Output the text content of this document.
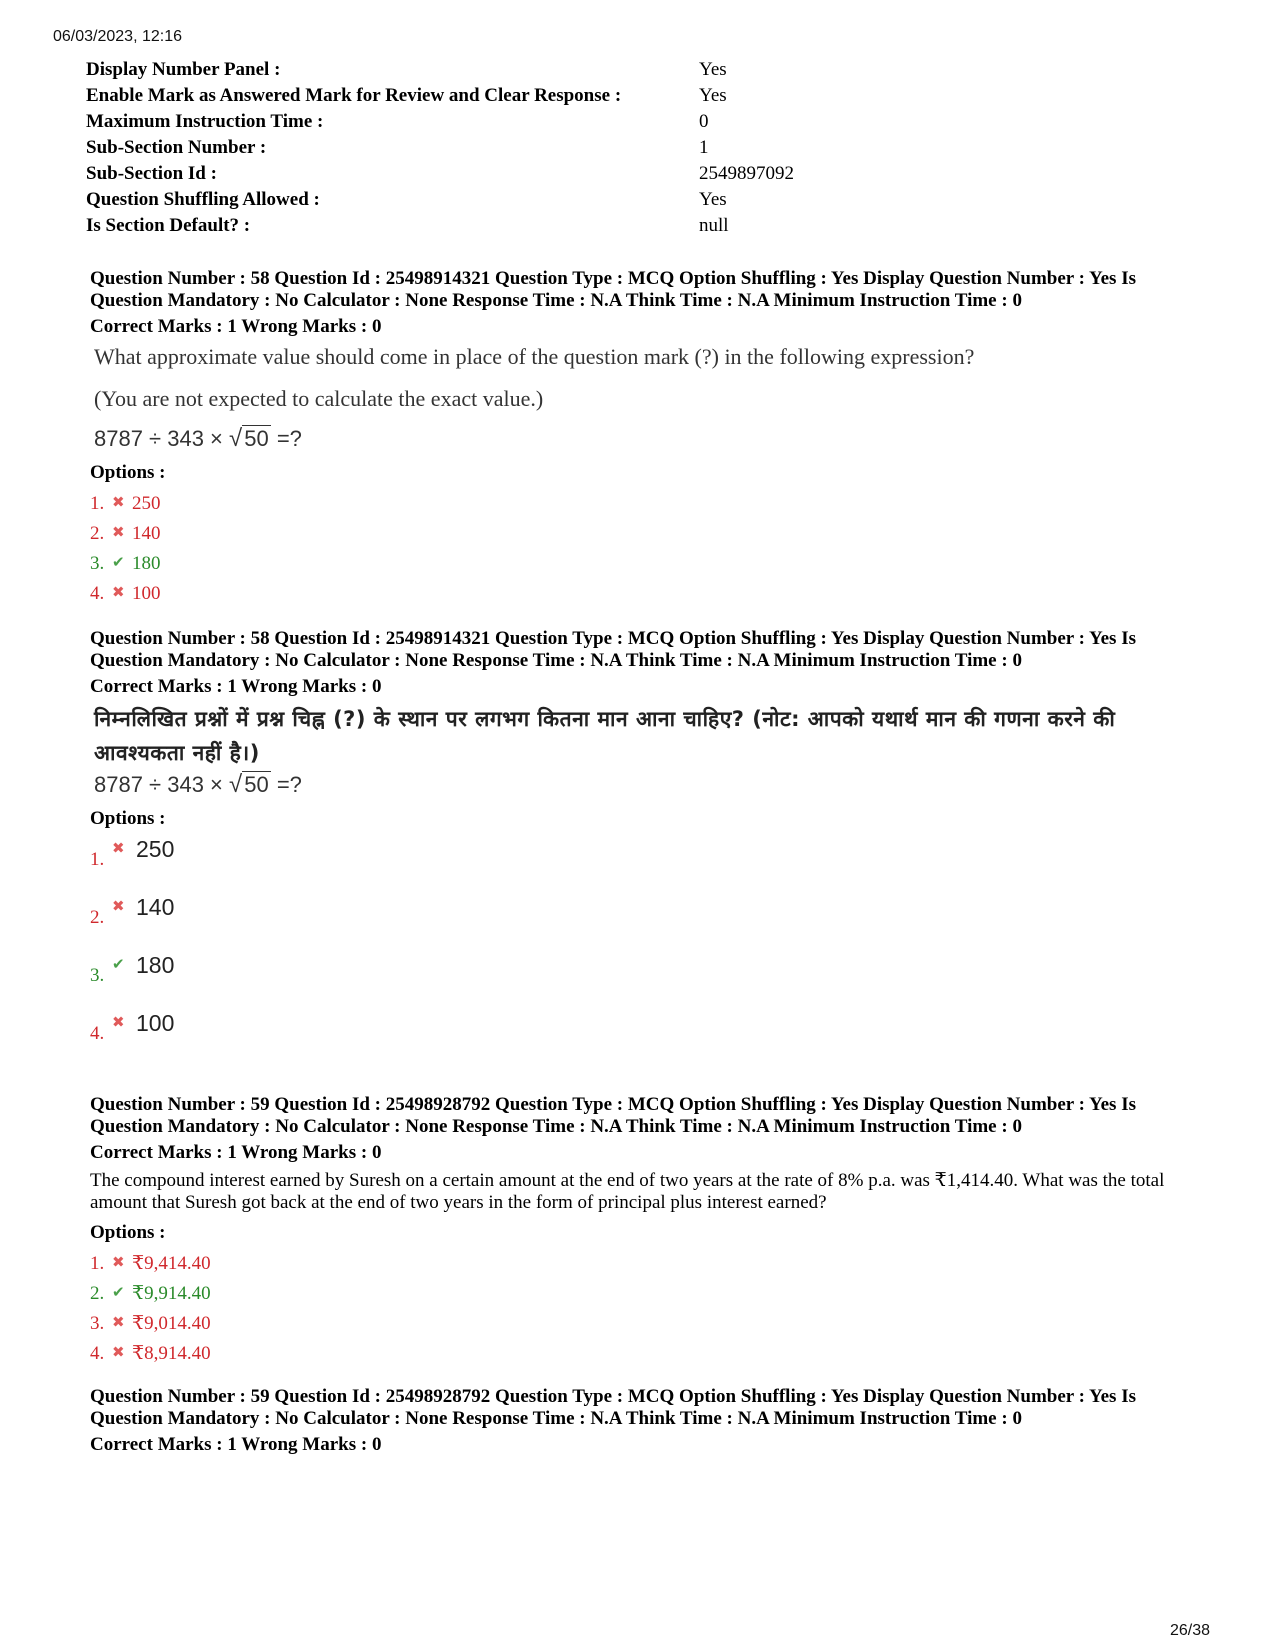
06/03/2023, 12:16
Display Number Panel :	Yes
Enable Mark as Answered Mark for Review and Clear Response :	Yes
Maximum Instruction Time :	0
Sub-Section Number :	1
Sub-Section Id :	2549897092
Question Shuffling Allowed :	Yes
Is Section Default? :	null

Question Number : 58 Question Id : 25498914321 Question Type : MCQ Option Shuffling : Yes Display Question Number : Yes Is
Question Mandatory : No Calculator : None Response Time : N.A Think Time : N.A Minimum Instruction Time : 0

Correct Marks : 1 Wrong Marks : 0

What approximate value should come in place of the question mark (?) in the following expression?

(You are not expected to calculate the exact value.)

8787 ÷ 343 × √50 =?

Options :

1. ✖ 250
2. ✖ 140
3. ✔ 180
4. ✖ 100

Question Number : 58 Question Id : 25498914321 Question Type : MCQ Option Shuffling : Yes Display Question Number : Yes Is
Question Mandatory : No Calculator : None Response Time : N.A Think Time : N.A Minimum Instruction Time : 0

Correct Marks : 1 Wrong Marks : 0

निम्नलिखित प्रश्नों में प्रश्न चिह्न (?) के स्थान पर लगभग कितना मान आना चाहिए? (नोट: आपको यथार्थ मान की गणना करने की आवश्यकता नहीं है।)

8787 ÷ 343 × √50 =?

Options :

1.✖ 250
2.✖ 140
3.✔ 180
4.✖ 100

Question Number : 59 Question Id : 25498928792 Question Type : MCQ Option Shuffling : Yes Display Question Number : Yes Is
Question Mandatory : No Calculator : None Response Time : N.A Think Time : N.A Minimum Instruction Time : 0

Correct Marks : 1 Wrong Marks : 0

The compound interest earned by Suresh on a certain amount at the end of two years at the rate of 8% p.a. was ₹1,414.40. What was the total amount that Suresh got back at the end of two years in the form of principal plus interest earned?

Options :

1. ✖ ₹9,414.40
2. ✔ ₹9,914.40
3. ✖ ₹9,014.40
4. ✖ ₹8,914.40

Question Number : 59 Question Id : 25498928792 Question Type : MCQ Option Shuffling : Yes Display Question Number : Yes Is
Question Mandatory : No Calculator : None Response Time : N.A Think Time : N.A Minimum Instruction Time : 0

Correct Marks : 1 Wrong Marks : 0

26/38
